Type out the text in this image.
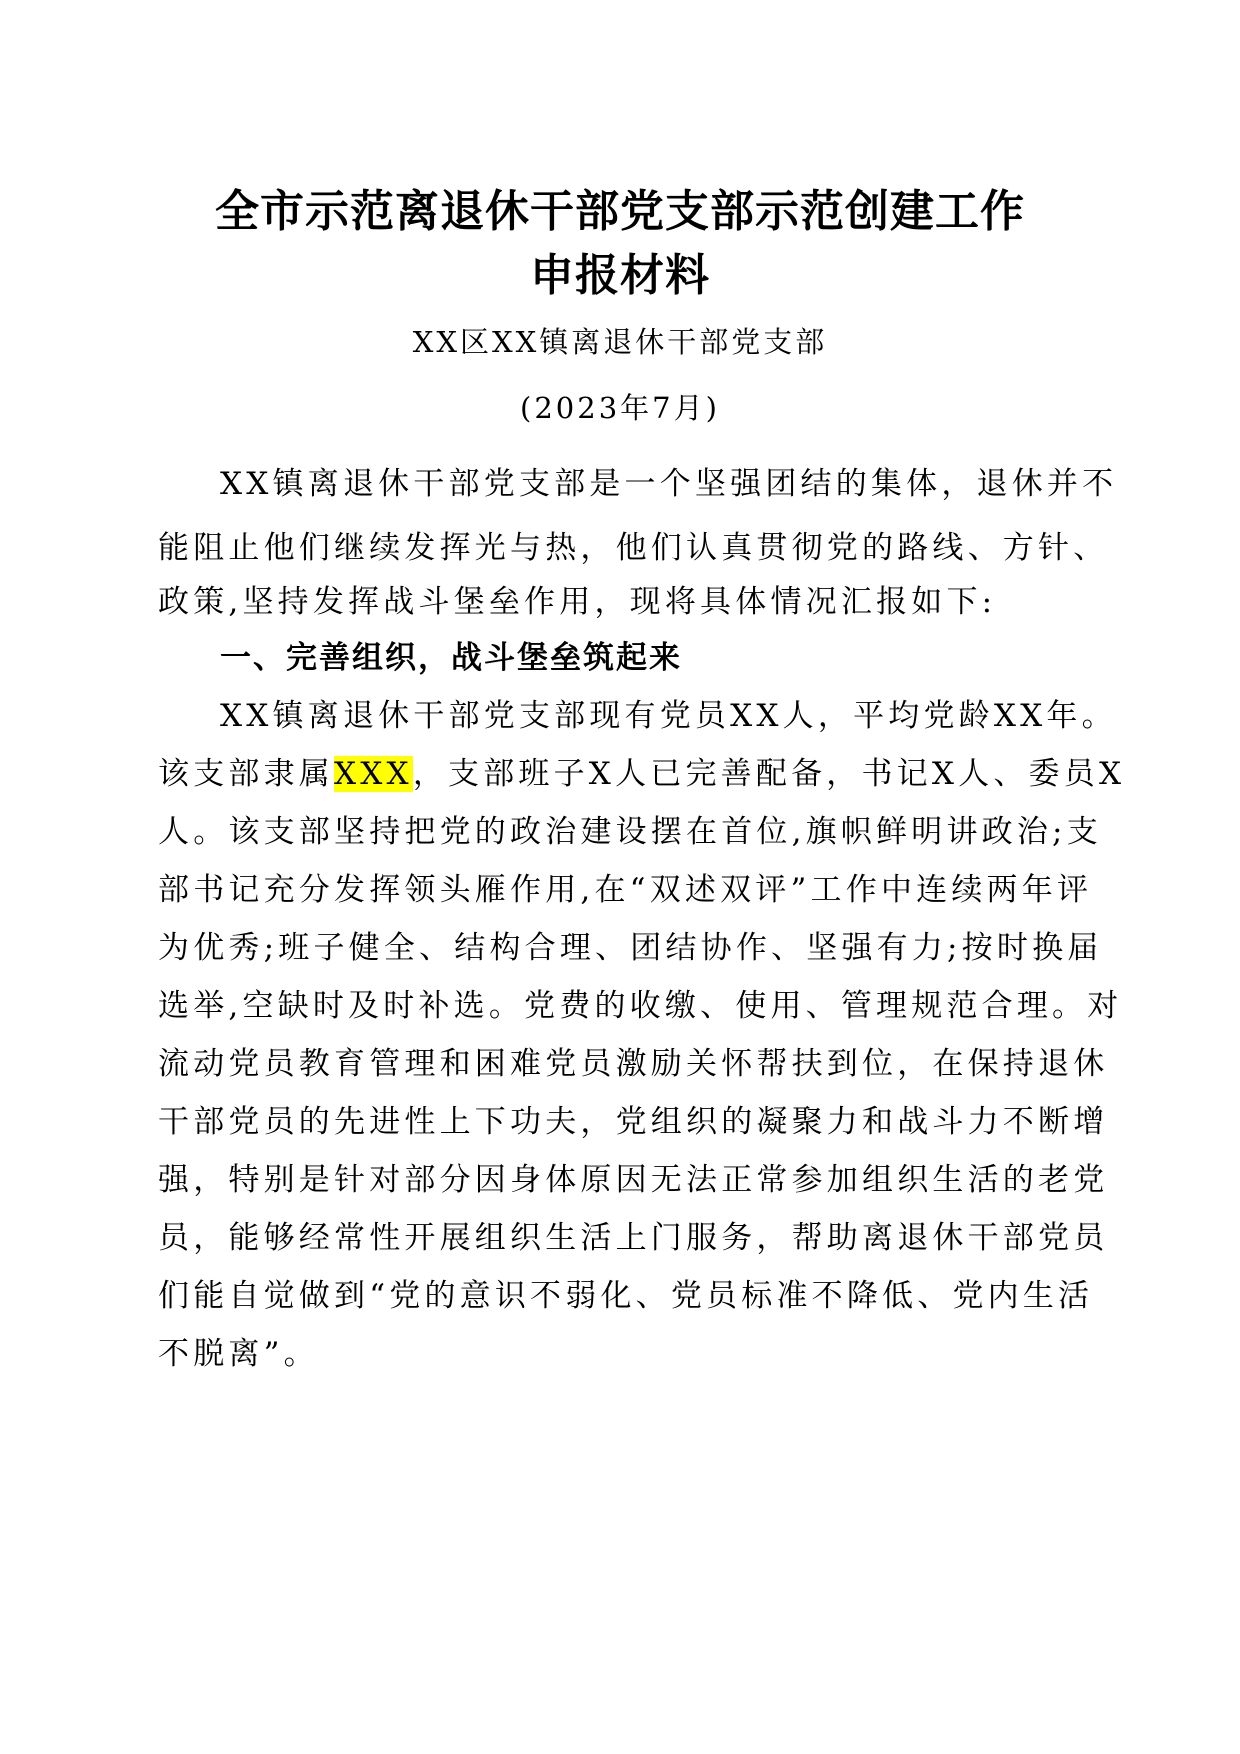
全市示范离退休干部党支部示范创建工作
申报材料
XX区XX镇离退休干部党支部
(2023年7月)
XX镇离退休干部党支部是一个坚强团结的集体，退休并不
能阻止他们继续发挥光与热，他们认真贯彻党的路线、方针、
政策,坚持发挥战斗堡垒作用，现将具体情况汇报如下:
一、完善组织，战斗堡垒筑起来
XX镇离退休干部党支部现有党员XX人，平均党龄XX年。
该支部隶属XXX，支部班子X人已完善配备，书记X人、委员X
人。该支部坚持把党的政治建设摆在首位,旗帜鲜明讲政治;支
部书记充分发挥领头雁作用,在“双述双评”工作中连续两年评
为优秀;班子健全、结构合理、团结协作、坚强有力;按时换届
选举,空缺时及时补选。党费的收缴、使用、管理规范合理。对
流动党员教育管理和困难党员激励关怀帮扶到位，在保持退休
干部党员的先进性上下功夫，党组织的凝聚力和战斗力不断增
强，特别是针对部分因身体原因无法正常参加组织生活的老党
员，能够经常性开展组织生活上门服务，帮助离退休干部党员
们能自觉做到“党的意识不弱化、党员标准不降低、党内生活
不脱离”。
